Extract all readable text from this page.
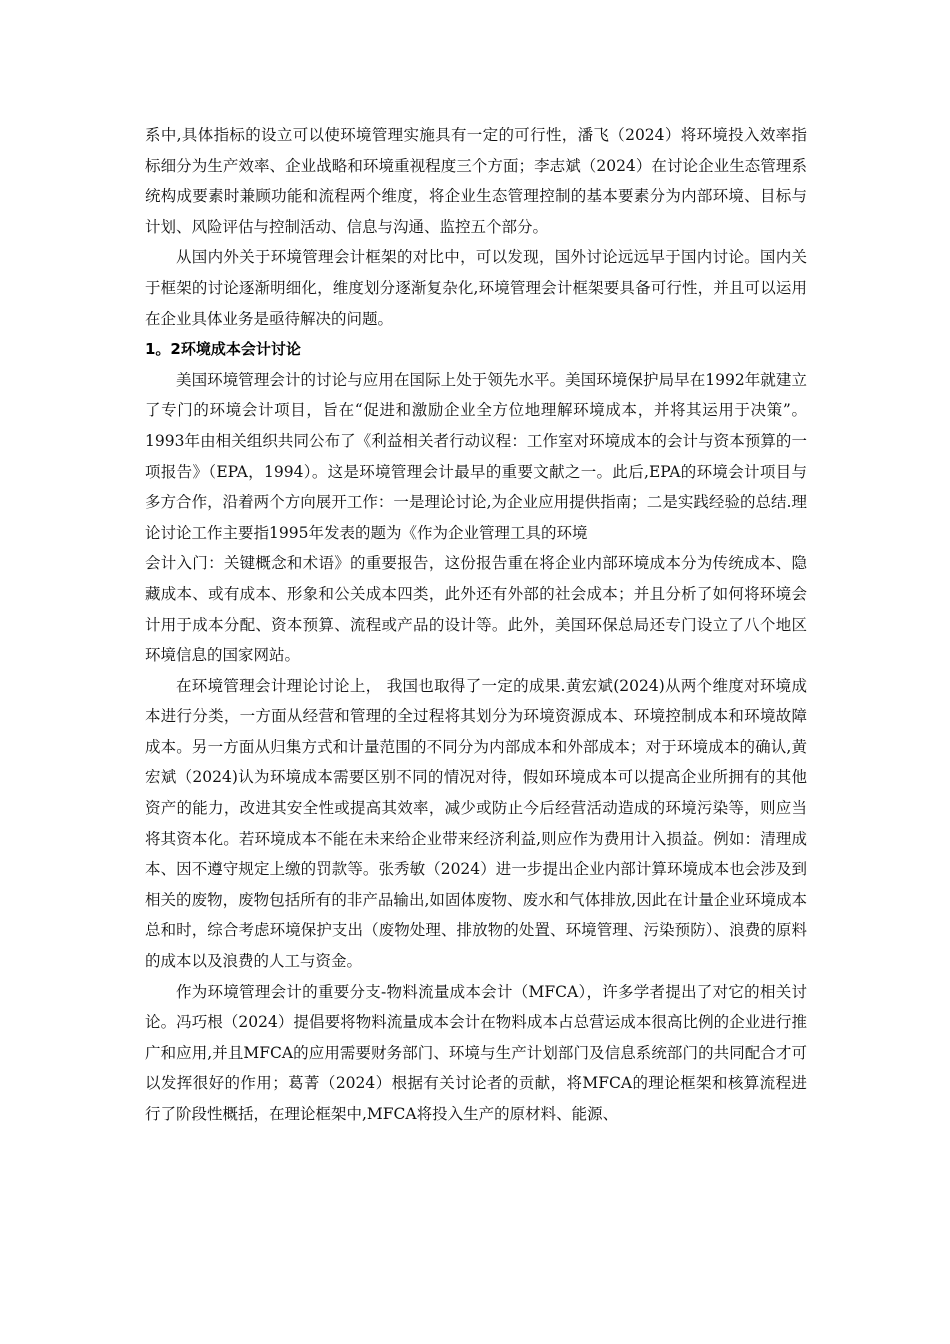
系中,具体指标的设立可以使环境管理实施具有一定的可行性，潘飞（2024）将环境投入效率指标细分为生产效率、企业战略和环境重视程度三个方面；李志斌（2024）在讨论企业生态管理系统构成要素时兼顾功能和流程两个维度，将企业生态管理控制的基本要素分为内部环境、目标与计划、风险评估与控制活动、信息与沟通、监控五个部分。

从国内外关于环境管理会计框架的对比中，可以发现，国外讨论远远早于国内讨论。国内关于框架的讨论逐渐明细化，维度划分逐渐复杂化,环境管理会计框架要具备可行性，并且可以运用在企业具体业务是亟待解决的问题。

1。2环境成本会计讨论

美国环境管理会计的讨论与应用在国际上处于领先水平。美国环境保护局早在1992年就建立了专门的环境会计项目，旨在“促进和激励企业全方位地理解环境成本，并将其运用于决策”。1993年由相关组织共同公布了《利益相关者行动议程：工作室对环境成本的会计与资本预算的一项报告》（EPA，1994）。这是环境管理会计最早的重要文献之一。此后,EPA的环境会计项目与多方合作，沿着两个方向展开工作：一是理论讨论,为企业应用提供指南；二是实践经验的总结.理论讨论工作主要指1995年发表的题为《作为企业管理工具的环境

会计入门：关键概念和术语》的重要报告，这份报告重在将企业内部环境成本分为传统成本、隐藏成本、或有成本、形象和公关成本四类，此外还有外部的社会成本；并且分析了如何将环境会计用于成本分配、资本预算、流程或产品的设计等。此外，美国环保总局还专门设立了八个地区环境信息的国家网站。

在环境管理会计理论讨论上， 我国也取得了一定的成果.黄宏斌(2024)从两个维度对环境成本进行分类，一方面从经营和管理的全过程将其划分为环境资源成本、环境控制成本和环境故障成本。另一方面从归集方式和计量范围的不同分为内部成本和外部成本；对于环境成本的确认,黄宏斌（2024)认为环境成本需要区别不同的情况对待，假如环境成本可以提高企业所拥有的其他资产的能力，改进其安全性或提高其效率，减少或防止今后经营活动造成的环境污染等，则应当将其资本化。若环境成本不能在未来给企业带来经济利益,则应作为费用计入损益。例如：清理成本、因不遵守规定上缴的罚款等。张秀敏（2024）进一步提出企业内部计算环境成本也会涉及到相关的废物，废物包括所有的非产品输出,如固体废物、废水和气体排放,因此在计量企业环境成本总和时，综合考虑环境保护支出（废物处理、排放物的处置、环境管理、污染预防）、浪费的原料的成本以及浪费的人工与资金。

作为环境管理会计的重要分支-物料流量成本会计（MFCA），许多学者提出了对它的相关讨论。冯巧根（2024）提倡要将物料流量成本会计在物料成本占总营运成本很高比例的企业进行推广和应用,并且MFCA的应用需要财务部门、环境与生产计划部门及信息系统部门的共同配合才可以发挥很好的作用；葛菁（2024）根据有关讨论者的贡献，将MFCA的理论框架和核算流程进行了阶段性概括，在理论框架中,MFCA将投入生产的原材料、能源、
